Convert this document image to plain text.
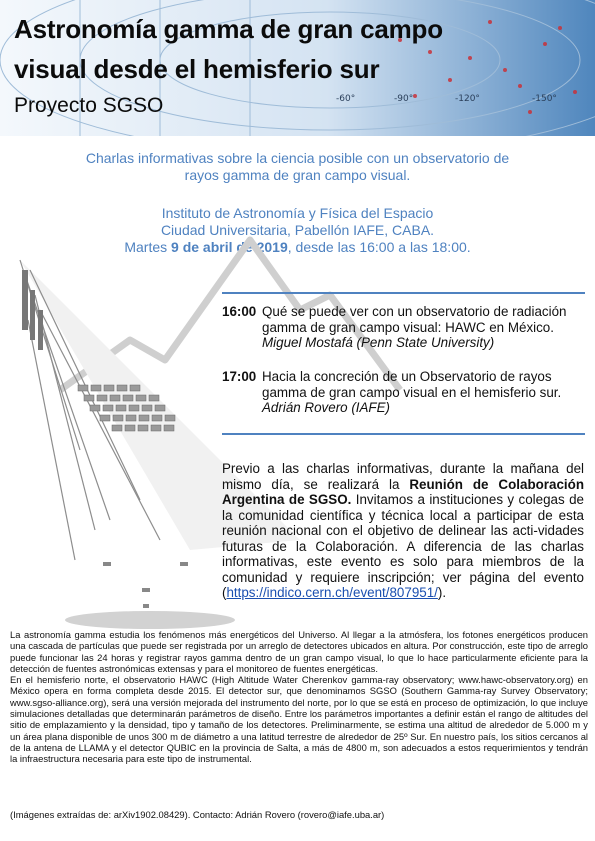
-60°	-90°	-120°	-150°
Astronomía gamma de gran campo
visual desde el hemisferio sur
Proyecto SGSO
Charlas informativas sobre la ciencia posible con un observatorio de
rayos gamma de gran campo visual.
Instituto de Astronomía y Física del Espacio
Ciudad Universitaria, Pabellón IAFE, CABA.
Martes 9 de abril de 2019, desde las 16:00 a las 18:00.
16:00 Qué se puede ver con un observatorio de radiación gamma de gran campo visual: HAWC en México.
Miguel Mostafá (Penn State University)
17:00 Hacia la concreción de un Observatorio de rayos gamma de gran campo visual en el hemisferio sur.
Adrián Rovero (IAFE)
Previo a las charlas informativas, durante la mañana del mismo día, se realizará la Reunión de Colaboración Argentina de SGSO. Invitamos a instituciones y colegas de la comunidad científica y técnica local a participar de esta reunión nacional con el objetivo de delinear las acti-vidades futuras de la Colaboración. A diferencia de las charlas informativas, este evento es solo para miembros de la comunidad y requiere inscripción; ver página del evento (https://indico.cern.ch/event/807951/).

La astronomía gamma estudia los fenómenos más energéticos del Universo. Al llegar a la atmósfera, los fotones energéticos producen una cascada de partículas que puede ser registrada por un arreglo de detectores ubicados en altura. Por construcción, este tipo de arreglo puede funcionar las 24 horas y registrar rayos gamma dentro de un gran campo visual, lo que lo hace particularmente eficiente para la detección de fuentes astronómicas extensas y para el monitoreo de fuentes energéticas.

En el hemisferio norte, el observatorio HAWC (High Altitude Water Cherenkov gamma-ray observatory; www.hawc-observatory.org) en México opera en forma completa desde 2015. El detector sur, que denominamos SGSO (Southern Gamma-ray Survey Observatory; www.sgso-alliance.org), será una versión mejorada del instrumento del norte, por lo que se está en proceso de optimización, lo que incluye simulaciones detalladas que determinarán parámetros de diseño. Entre los parámetros importantes a definir están el rango de altitudes del sitio de emplazamiento y la densidad, tipo y tamaño de los detectores. Preliminarmente, se estima una altitud de alrededor de 5.000 m y un área plana disponible de unos 300 m de diámetro a una latitud terrestre de alrededor de 25º Sur. En nuestro país, los sitios cercanos al de la antena de LLAMA y el detector QUBIC en la provincia de Salta, a más de 4800 m, son adecuados a estos requerimientos y tendrán la infraestructura necesaria para este tipo de instrumental.

(Imágenes extraídas de: arXiv1902.08429). Contacto: Adrián Rovero (rovero@iafe.uba.ar)
